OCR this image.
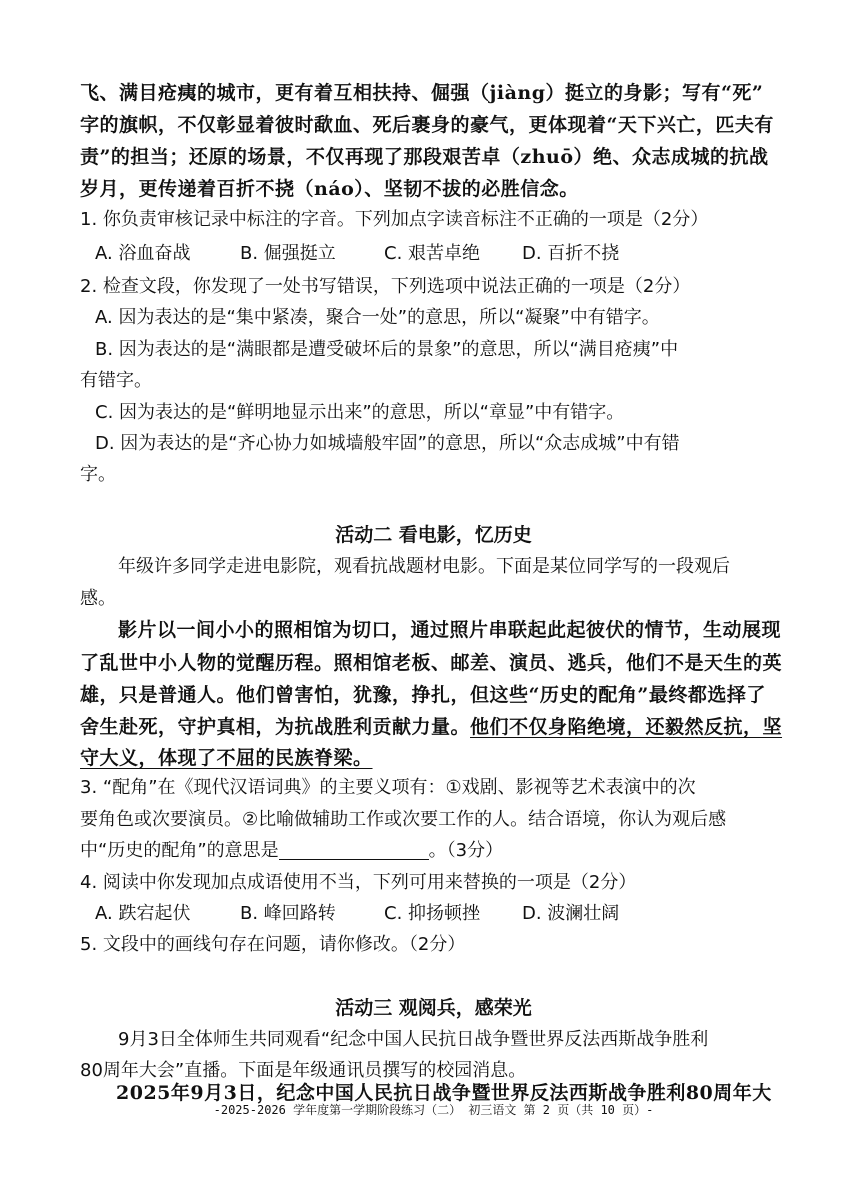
飞、满目疮痍的城市，更有着互相扶持、倔强（jiàng）挺立的身影；写有“死”
字的旗帜，不仅彰显着彼时歃血、死后裹身的豪气，更体现着“天下兴亡，匹夫有
责”的担当；还原的场景，不仅再现了那段艰苦卓（zhuō）绝、众志成城的抗战
岁月，更传递着百折不挠（náo）、坚韧不拔的必胜信念。
1. 你负责审核记录中标注的字音。下列加点字读音标注不正确的一项是（2分）
A. 浴血奋战	B. 倔强挺立	C. 艰苦卓绝	D. 百折不挠
2. 检查文段，你发现了一处书写错误，下列选项中说法正确的一项是（2分）
A. 因为表达的是“集中紧凑，聚合一处”的意思，所以“凝聚”中有错字。
B. 因为表达的是“满眼都是遭受破坏后的景象”的意思，所以“满目疮痍”中
有错字。
C. 因为表达的是“鲜明地显示出来”的意思，所以“章显”中有错字。
D. 因为表达的是“齐心协力如城墙般牢固”的意思，所以“众志成城”中有错
字。
活动二 看电影，忆历史
年级许多同学走进电影院，观看抗战题材电影。下面是某位同学写的一段观后
感。
影片以一间小小的照相馆为切口，通过照片串联起此起彼伏的情节，生动展现
了乱世中小人物的觉醒历程。照相馆老板、邮差、演员、逃兵，他们不是天生的英
雄，只是普通人。他们曾害怕，犹豫，挣扎，但这些“历史的配角”最终都选择了
舍生赴死，守护真相，为抗战胜利贡献力量。他们不仅身陷绝境，还毅然反抗，坚
守大义，体现了不屈的民族脊梁。
3. “配角”在《现代汉语词典》的主要义项有：①戏剧、影视等艺术表演中的次
要角色或次要演员。②比喻做辅助工作或次要工作的人。结合语境，你认为观后感
中“历史的配角”的意思是	。（3分）
4. 阅读中你发现加点成语使用不当，下列可用来替换的一项是（2分）
A. 跌宕起伏	B. 峰回路转	C. 抑扬顿挫	D. 波澜壮阔
5. 文段中的画线句存在问题，请你修改。（2分）
活动三 观阅兵，感荣光
9月3日全体师生共同观看“纪念中国人民抗日战争暨世界反法西斯战争胜利
80周年大会”直播。下面是年级通讯员撰写的校园消息。
2025年9月3日，纪念中国人民抗日战争暨世界反法西斯战争胜利80周年大
-2025-2026 学年度第一学期阶段练习（二） 初三语文 第 2 页（共 10 页）-
